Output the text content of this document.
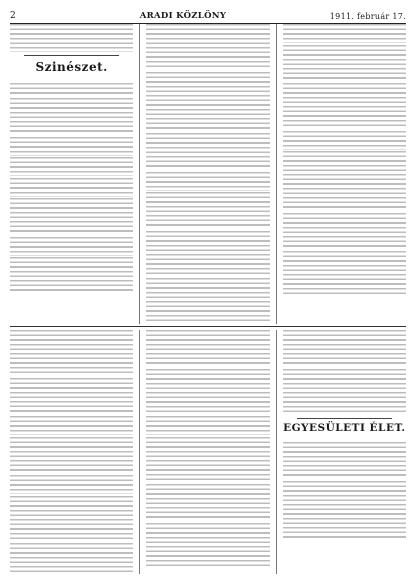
2	ARADI KÖZLÖNY	1911. február 17.

Szinészet.

EGYESÜLETI ÉLET.
